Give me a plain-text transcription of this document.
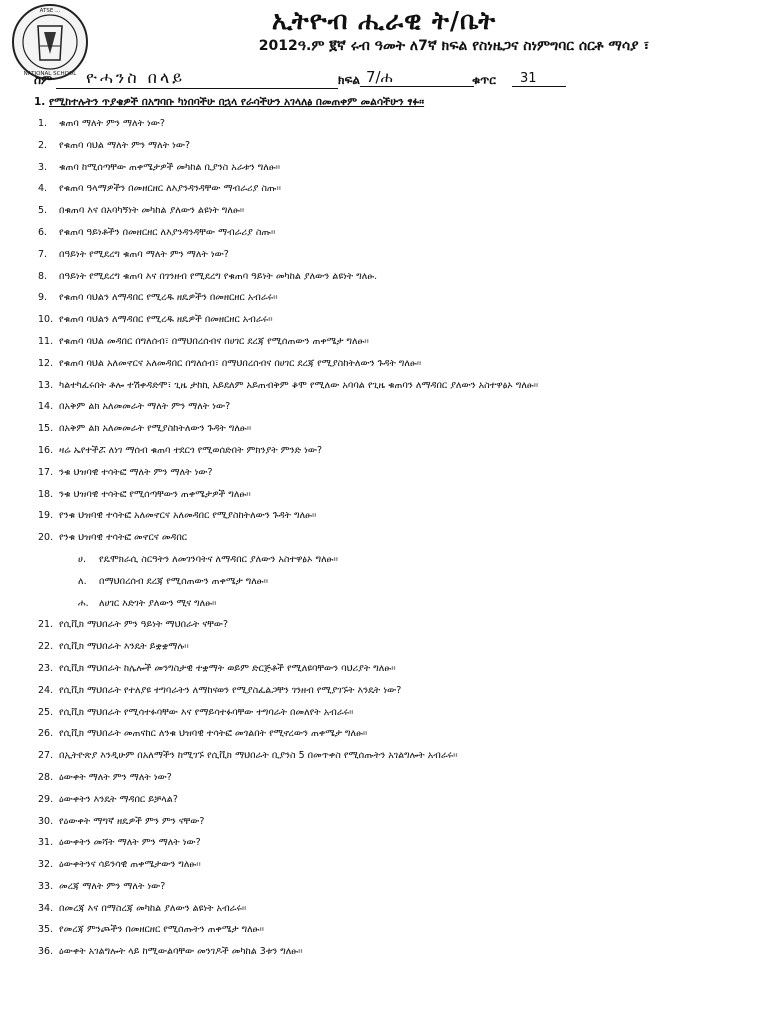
NATIONAL SCHOOL
ATSE ...	ኢትዮብ ሒራዊ ት/ቤት
2012ዓ.ም ፪ኛ ሩብ ዓመት ለ7ኛ ክፍል የስነዜጋና ስነምግባር ሰርቶ ማሳያ ፣
ስም	ዮሓንስ በላይ	ክፍል 7/ሐ	ቁጥር	31
1. የሚከተሉትን ጥያቄዎች በአግባቡ ካነበባችሁ በኋላ የራሳችሁን አገላለፅ በመጠቀም መልሳችሁን ፃፉ።
1. ቁጠባ ማለት ምን ማለት ነው?
2. የቁጠባ ባህል ማለት ምን ማለት ነው?
3. ቁጠባ ከሚሰጣቸው ጠቀሜታዎች መካከል ቢያንስ አራቱን ግለፁ፡፡
4. የቁጠባ ዓላማዎችን በመዘርዘር ለእያንዳንዳቸው ማብራሪያ ስጡ፡፡
5. በቁጠባ እና በአባካኝነት መካከል ያለውን ልዩነት ግለፁ፡፡
6. የቁጠባ ዓይነቶችን በመዘርዘር ለእያንዳንዳቸው ማብራሪያ ስጡ፡፡
7. በዓይነት የሚደረግ ቁጠባ ማለት ምን ማለት ነው?
8. በዓይነት የሚደረግ ቁጠባ እና በገንዘብ የሚደረግ የቁጠባ ዓይነት መካከል ያለውን ልዩነት ግለፁ.
9. የቁጠባ ባህልን ለማዳበር የሚረዱ ዘዴዎችን በመዘርዘር አብራሩ፡፡
10. የቁጠባ ባህልን ለማዳበር የሚረዱ ዘዴዎች በመዘርዘር አብራሩ፡፡
11. የቁጠባ ባህል መዳበር በግለሰብ፣ በማህበረሰብና በሀገር ደረጃ የሚሰጠውን ጠቀሜታ ግለፁ፡፡
12. የቁጠባ ባህል አለመኖርና አለመዳበር በግለሰብ፣ በማህበረሰብና በሀገር ደረጃ የሚያስከትለውን ጉዳት ግለፁ፡፡
13. ካልተካፈሩበት ቶሎ ተሽቀዳድሞ፣ ጊዜ ታከኪ አይደለም አይጠብቅም ቆሞ የሚለው አባባል የጊዜ ቁጠባን ለማዳበር ያለውን አስተዋፅኦ ግለፁ፡፡
14. በአቅም ልክ አለመመራት ማለት ምን ማለት ነው?
15. በአቅም ልክ አለመመራት የሚያስከትለውን ጉዳት ግለፁ፡፡
16. ዛሬ ኤየተችሯ ለነገ ማሰብ ቁጠባ ተደርጎ የሚወሰድበት ምክንያት ምንድ ነው?
17. ንቁ ህዝባዊ ተሳትፎ ማለት ምን ማለት ነው?
18. ንቁ ህዝባዊ ተሳትፎ የሚሰጣቸውን ጠቀሜታዎች ግለፁ፡፡
19. የንቁ ህዝባዊ ተሳትፎ አለመኖርና አለመዳበር የሚያስከትለውን ጉዳት ግለፁ፡፡
20. የንቁ ህዝባዊ ተሳትፎ መኖርና መዳበር
ሀ. የዴሞክራሲ ስርዓትን ለመገንባትና ለማዳበር ያለውን አስተዋፅኦ ግለፁ፡፡
ለ. በማህበረሰብ ደረጃ የሚሰጠውን ጠቀሜታ ግለፁ፡፡
ሐ. ለሀገር እድገት ያለውን ሚና ግለፁ፡፡
21. የሲቪክ ማህበራት ምን ዓይነት ማህበራት ናቸው?
22. የሲቪክ ማህበራት እንዴት ይቋቋማሉ፡፡
23. የሲቪክ ማህበራት ከሌሎች መንግስታዊ ተቋማት ወይም ድርጅቶች የሚለዩባቸውን ባህሪያት ግለፁ፡፡
24. የሲቪክ ማህበራት የተለያዩ ተግባራትን ለማከናወን የሚያስፈልጋቸን ገንዘብ የሚያገኙት እንዴት ነው?
25. የሲቪክ ማህበራት የሚሳተፉባቸው እና የማይሳተፉባቸው ተግባራት በመለየት አብራሩ፡፡
26. የሲቪክ ማህበራት መጠናከር ለንቁ ህዝባዊ ተሳትፎ መጎልበት የሚኖረውን ጠቀሜታ ግለፁ፡፡
27. በኢትዮጵያ እንዲሁም በአለማችን ከሚገኙ የሲቪክ ማህበራት ቢያንስ 5 በመጥቀስ የሚሰጡትን አገልግሎት አብራሩ፡፡
28. ዕውቀት ማለት ምን ማለት ነው?
29. ዕውቀትን እንዴት ማዳበር ይቻላል?
30. የዕውቀት ማግኛ ዘዴዎች ምን ምን ናቸው?
31. ዕውቀትን መሻት ማለት ምን ማለት ነው?
32. ዕውቀትንና ሳይንሳዊ ጠቀሜታውን ግለፁ፡፡
33. መረጃ ማለት ምን ማለት ነው?
34. በመረጃ እና በማስረጃ መካከል ያለውን ልዩነት አብራሩ፡፡
35. የመረጃ ምንጮችን በመዘርዘር የሚሰጡትን ጠቀሜታ ግለፁ፡፡
36. ዕውቀት አገልግሎት ላይ ከሚውልባቸው መንገዶች መካከል 3ቱን ግለፁ፡፡
